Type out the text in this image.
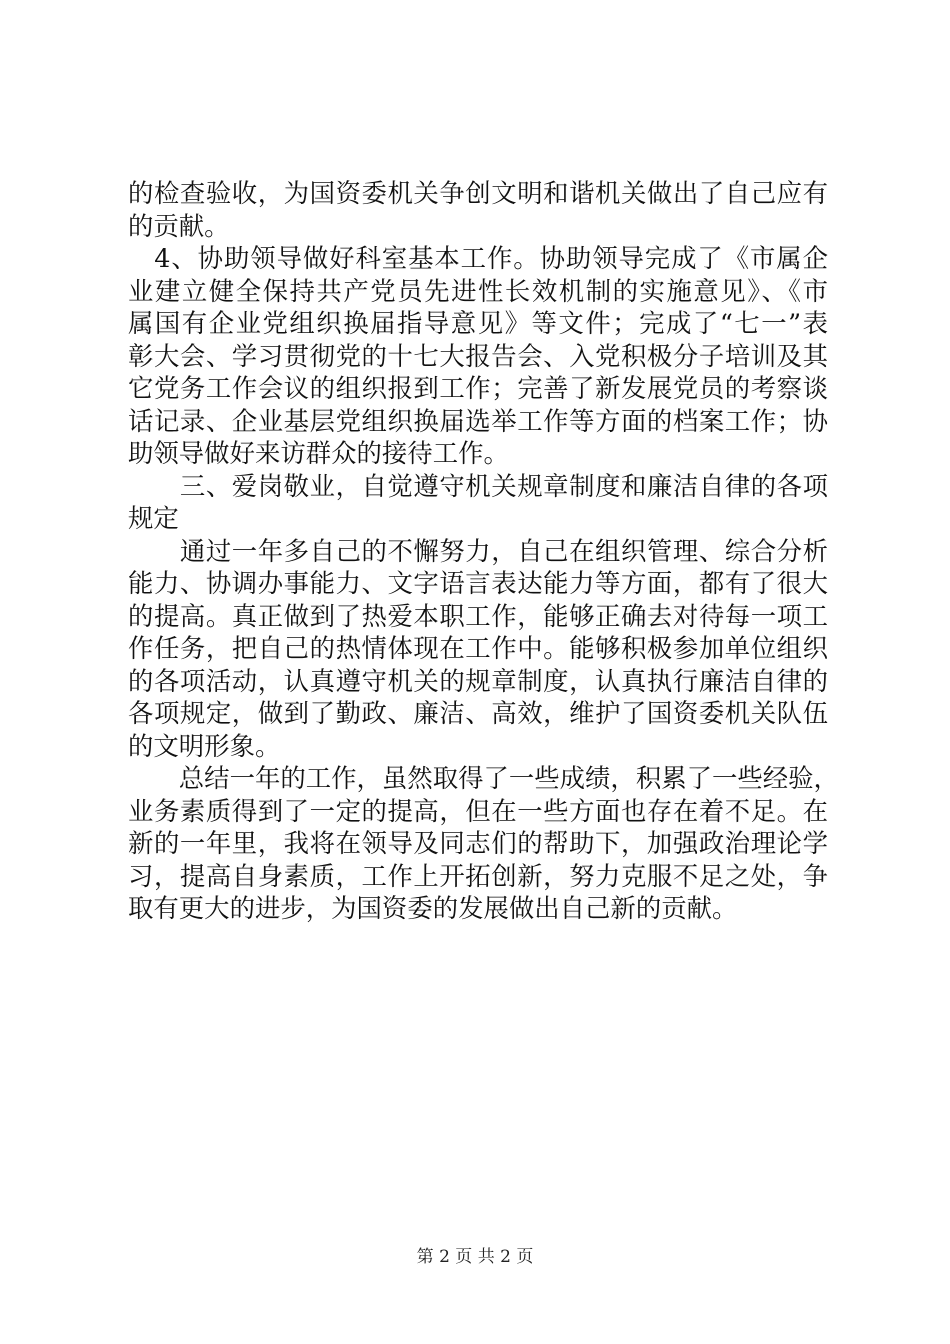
的检查验收，为国资委机关争创文明和谐机关做出了自己应有
的贡献。
　4、协助领导做好科室基本工作。协助领导完成了《市属企
业建立健全保持共产党员先进性长效机制的实施意见》、《市
属国有企业党组织换届指导意见》等文件；完成了“七一”表
彰大会、学习贯彻党的十七大报告会、入党积极分子培训及其
它党务工作会议的组织报到工作；完善了新发展党员的考察谈
话记录、企业基层党组织换届选举工作等方面的档案工作；协
助领导做好来访群众的接待工作。
　　三、爱岗敬业，自觉遵守机关规章制度和廉洁自律的各项
规定
　　通过一年多自己的不懈努力，自己在组织管理、综合分析
能力、协调办事能力、文字语言表达能力等方面，都有了很大
的提高。真正做到了热爱本职工作，能够正确去对待每一项工
作任务，把自己的热情体现在工作中。能够积极参加单位组织
的各项活动，认真遵守机关的规章制度，认真执行廉洁自律的
各项规定，做到了勤政、廉洁、高效，维护了国资委机关队伍
的文明形象。
　　总结一年的工作，虽然取得了一些成绩，积累了一些经验，
业务素质得到了一定的提高，但在一些方面也存在着不足。在
新的一年里，我将在领导及同志们的帮助下，加强政治理论学
习，提高自身素质，工作上开拓创新，努力克服不足之处，争
取有更大的进步，为国资委的发展做出自己新的贡献。
第 2 页 共 2 页
